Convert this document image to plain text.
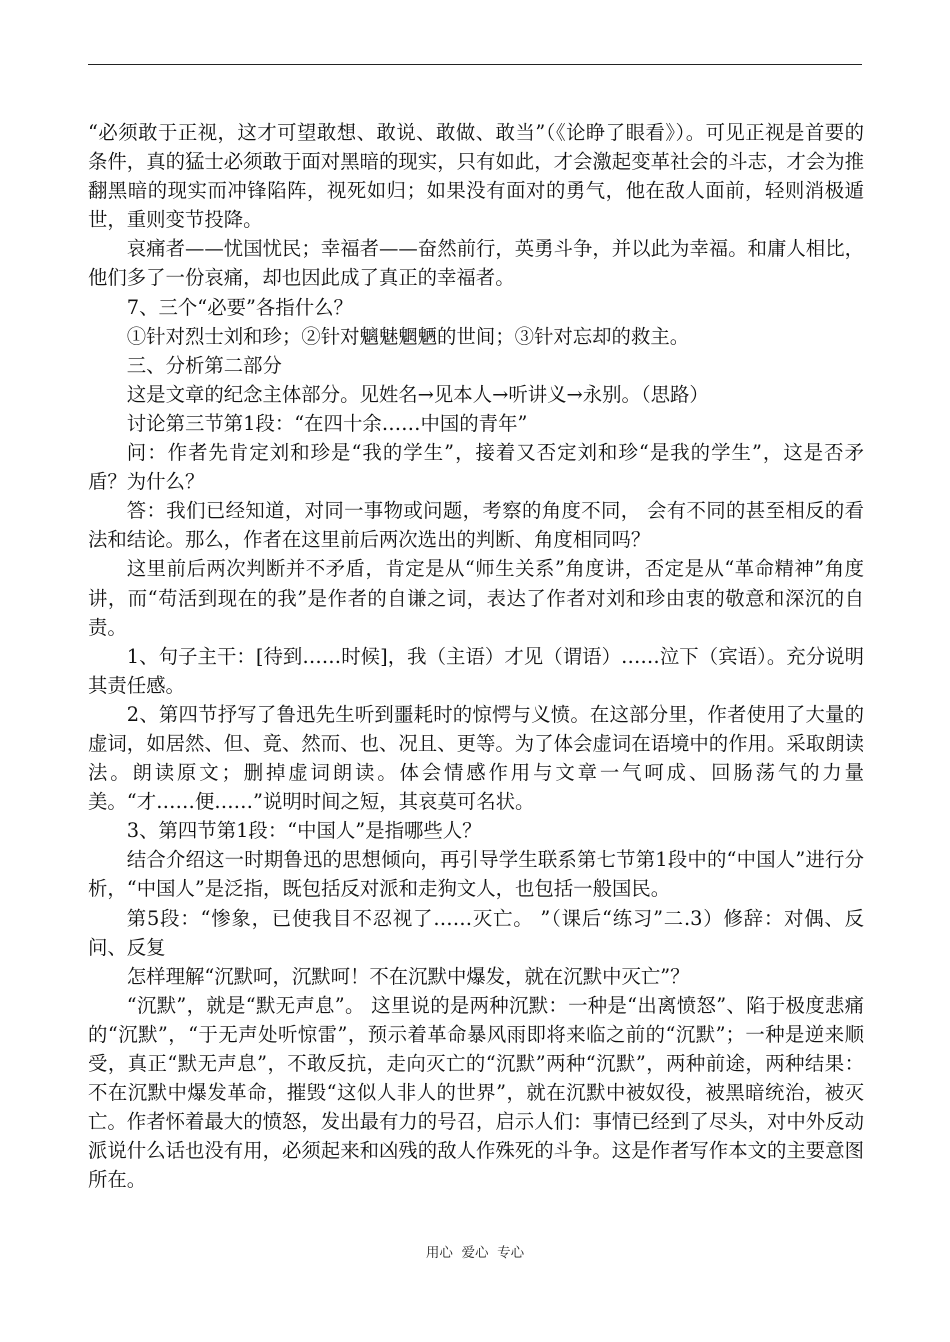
“必须敢于正视，这才可望敢想、敢说、敢做、敢当”（《论睁了眼看》）。可见正视是首要的条件，真的猛士必须敢于面对黑暗的现实，只有如此，才会激起变革社会的斗志，才会为推翻黑暗的现实而冲锋陷阵，视死如归；如果没有面对的勇气，他在敌人面前，轻则消极遁世，重则变节投降。

哀痛者——忧国忧民；幸福者——奋然前行，英勇斗争，并以此为幸福。和庸人相比，他们多了一份哀痛，却也因此成了真正的幸福者。

7、三个“必要”各指什么？

①针对烈士刘和珍；②针对魑魅魍魉的世间；③针对忘却的救主。

三、分析第二部分

这是文章的纪念主体部分。见姓名→见本人→听讲义→永别。（思路）

讨论第三节第1段：“在四十余……中国的青年”

问：作者先肯定刘和珍是“我的学生”，接着又否定刘和珍“是我的学生”，这是否矛盾？为什么？

答：我们已经知道，对同一事物或问题，考察的角度不同， 会有不同的甚至相反的看法和结论。那么，作者在这里前后两次选出的判断、角度相同吗？

这里前后两次判断并不矛盾，肯定是从“师生关系”角度讲，否定是从“革命精神”角度讲，而“苟活到现在的我”是作者的自谦之词，表达了作者对刘和珍由衷的敬意和深沉的自责。

1、句子主干：[待到……时候]，我（主语）才见（谓语）……泣下（宾语）。充分说明其责任感。

2、第四节抒写了鲁迅先生听到噩耗时的惊愕与义愤。在这部分里，作者使用了大量的虚词，如居然、但、竟、然而、也、况且、更等。为了体会虚词在语境中的作用。采取朗读法。朗读原文；删掉虚词朗读。体会情感作用与文章一气呵成、回肠荡气的力量美。“才……便……”说明时间之短，其哀莫可名状。

3、第四节第1段：“中国人”是指哪些人？

结合介绍这一时期鲁迅的思想倾向，再引导学生联系第七节第1段中的“中国人”进行分析，“中国人”是泛指，既包括反对派和走狗文人，也包括一般国民。

第5段：“惨象，已使我目不忍视了……灭亡。 ”（课后“练习”二.3）修辞：对偶、反问、反复

怎样理解“沉默呵，沉默呵！不在沉默中爆发，就在沉默中灭亡”？

“沉默”，就是“默无声息”。 这里说的是两种沉默：一种是“出离愤怒”、陷于极度悲痛的“沉默”，“于无声处听惊雷”，预示着革命暴风雨即将来临之前的“沉默”；一种是逆来顺受，真正“默无声息”，不敢反抗，走向灭亡的“沉默”两种“沉默”，两种前途，两种结果：不在沉默中爆发革命，摧毁“这似人非人的世界”，就在沉默中被奴役，被黑暗统治，被灭亡。作者怀着最大的愤怒，发出最有力的号召，启示人们：事情已经到了尽头，对中外反动派说什么话也没有用，必须起来和凶残的敌人作殊死的斗争。这是作者写作本文的主要意图所在。

用心  爱心  专心
